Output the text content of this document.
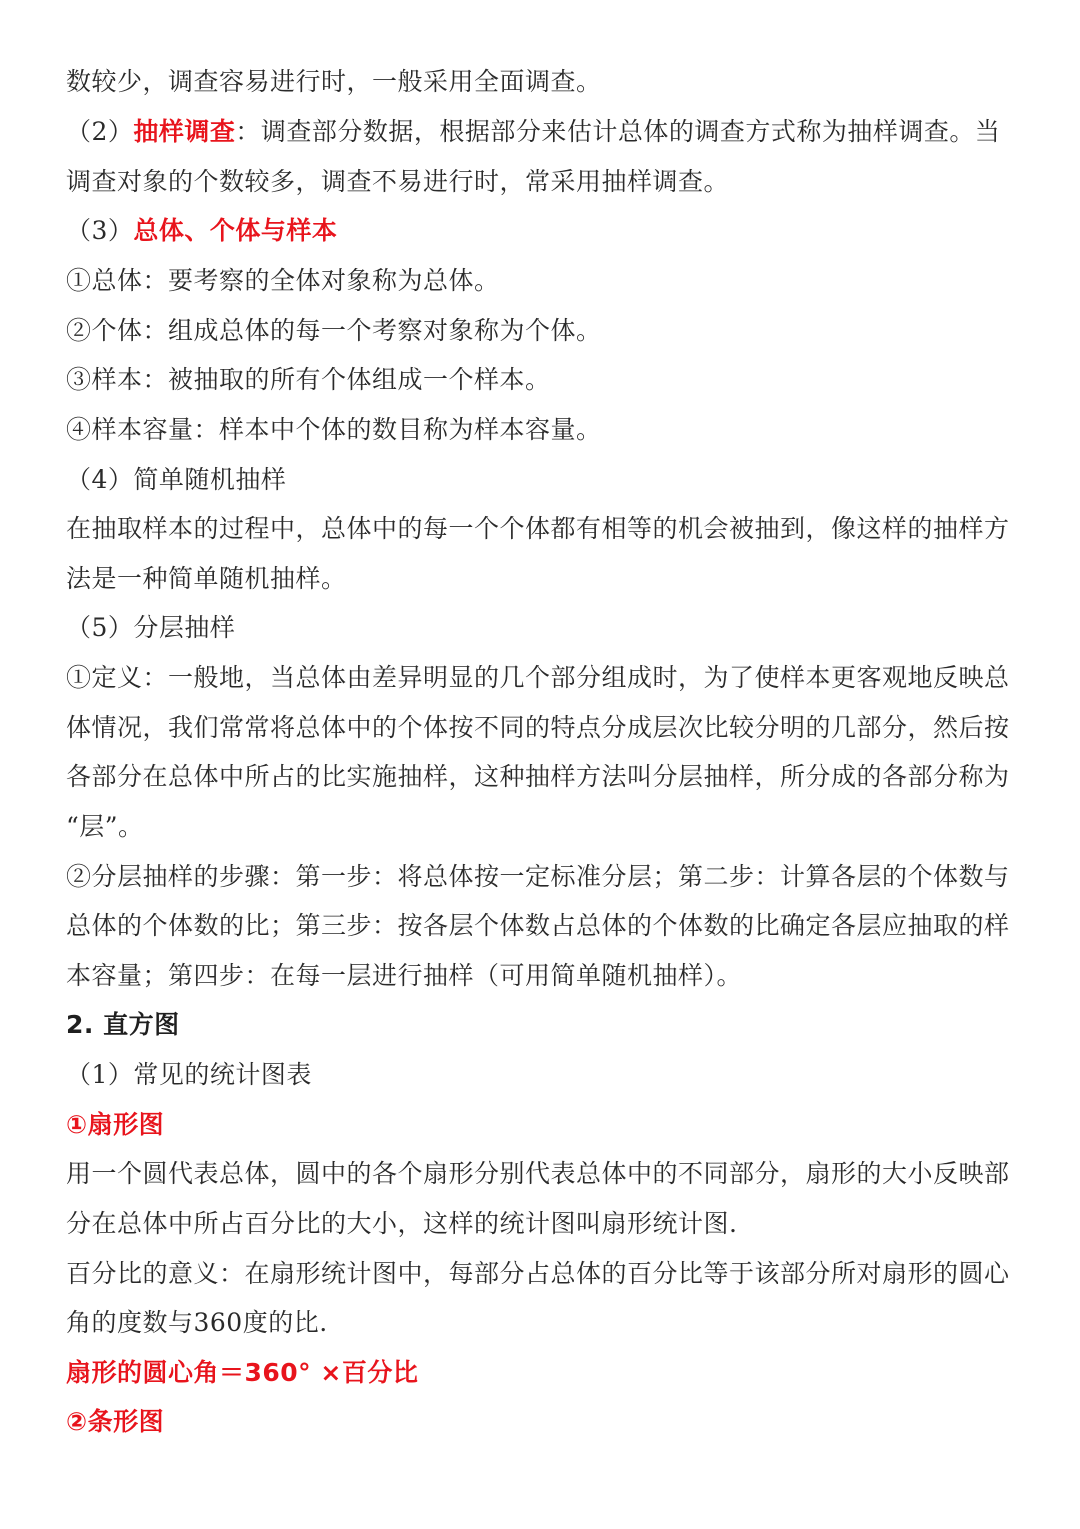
数较少，调查容易进行时，一般采用全面调查。
（2）抽样调查：调查部分数据，根据部分来估计总体的调查方式称为抽样调查。当
调查对象的个数较多，调查不易进行时，常采用抽样调查。
（3）总体、个体与样本
①总体：要考察的全体对象称为总体。
②个体：组成总体的每一个考察对象称为个体。
③样本：被抽取的所有个体组成一个样本。
④样本容量：样本中个体的数目称为样本容量。
（4）简单随机抽样
在抽取样本的过程中，总体中的每一个个体都有相等的机会被抽到，像这样的抽样方
法是一种简单随机抽样。
（5）分层抽样
①定义：一般地，当总体由差异明显的几个部分组成时，为了使样本更客观地反映总
体情况，我们常常将总体中的个体按不同的特点分成层次比较分明的几部分，然后按
各部分在总体中所占的比实施抽样，这种抽样方法叫分层抽样，所分成的各部分称为
“层”。
②分层抽样的步骤：第一步：将总体按一定标准分层；第二步：计算各层的个体数与
总体的个体数的比；第三步：按各层个体数占总体的个体数的比确定各层应抽取的样
本容量；第四步：在每一层进行抽样（可用简单随机抽样）。
2. 直方图
（1）常见的统计图表
①扇形图
用一个圆代表总体，圆中的各个扇形分别代表总体中的不同部分，扇形的大小反映部
分在总体中所占百分比的大小，这样的统计图叫扇形统计图.
百分比的意义：在扇形统计图中，每部分占总体的百分比等于该部分所对扇形的圆心
角的度数与360度的比.
扇形的圆心角＝360° ×百分比
②条形图
